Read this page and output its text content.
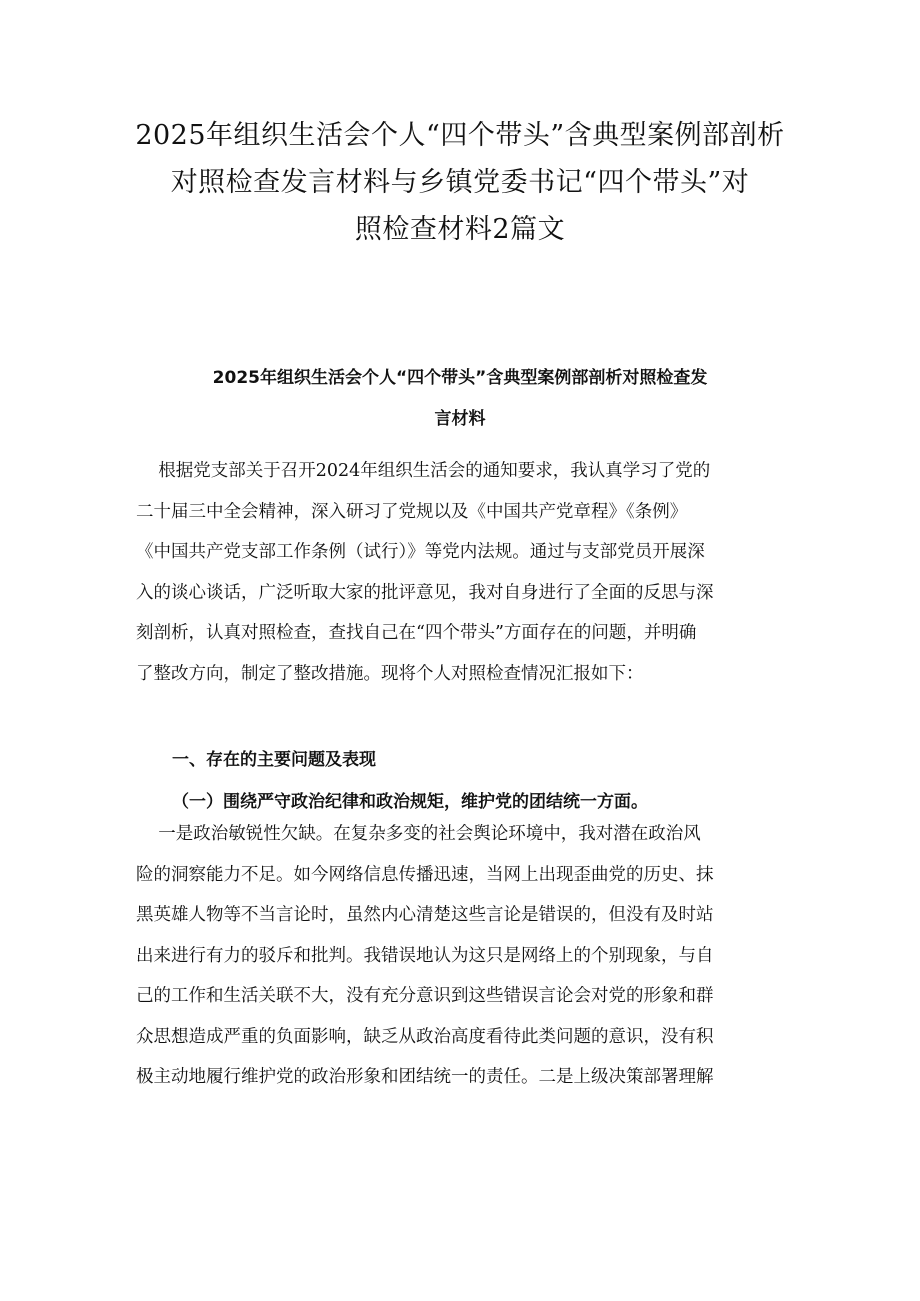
2025年组织生活会个人“四个带头”含典型案例部剖析
对照检查发言材料与乡镇党委书记“四个带头”对
照检查材料2篇文
2025年组织生活会个人“四个带头”含典型案例部剖析对照检查发
言材料

根据党支部关于召开2024年组织生活会的通知要求，我认真学习了党的
二十届三中全会精神，深入研习了党规以及《中国共产党章程》《条例》
《中国共产党支部工作条例（试行）》等党内法规。通过与支部党员开展深
入的谈心谈话，广泛听取大家的批评意见，我对自身进行了全面的反思与深
刻剖析，认真对照检查，查找自己在“四个带头”方面存在的问题，并明确
了整改方向，制定了整改措施。现将个人对照检查情况汇报如下：

一、存在的主要问题及表现
（一）围绕严守政治纪律和政治规矩，维护党的团结统一方面。

一是政治敏锐性欠缺。在复杂多变的社会舆论环境中，我对潜在政治风
险的洞察能力不足。如今网络信息传播迅速，当网上出现歪曲党的历史、抹
黑英雄人物等不当言论时，虽然内心清楚这些言论是错误的，但没有及时站
出来进行有力的驳斥和批判。我错误地认为这只是网络上的个别现象，与自
己的工作和生活关联不大，没有充分意识到这些错误言论会对党的形象和群
众思想造成严重的负面影响，缺乏从政治高度看待此类问题的意识，没有积
极主动地履行维护党的政治形象和团结统一的责任。二是上级决策部署理解
